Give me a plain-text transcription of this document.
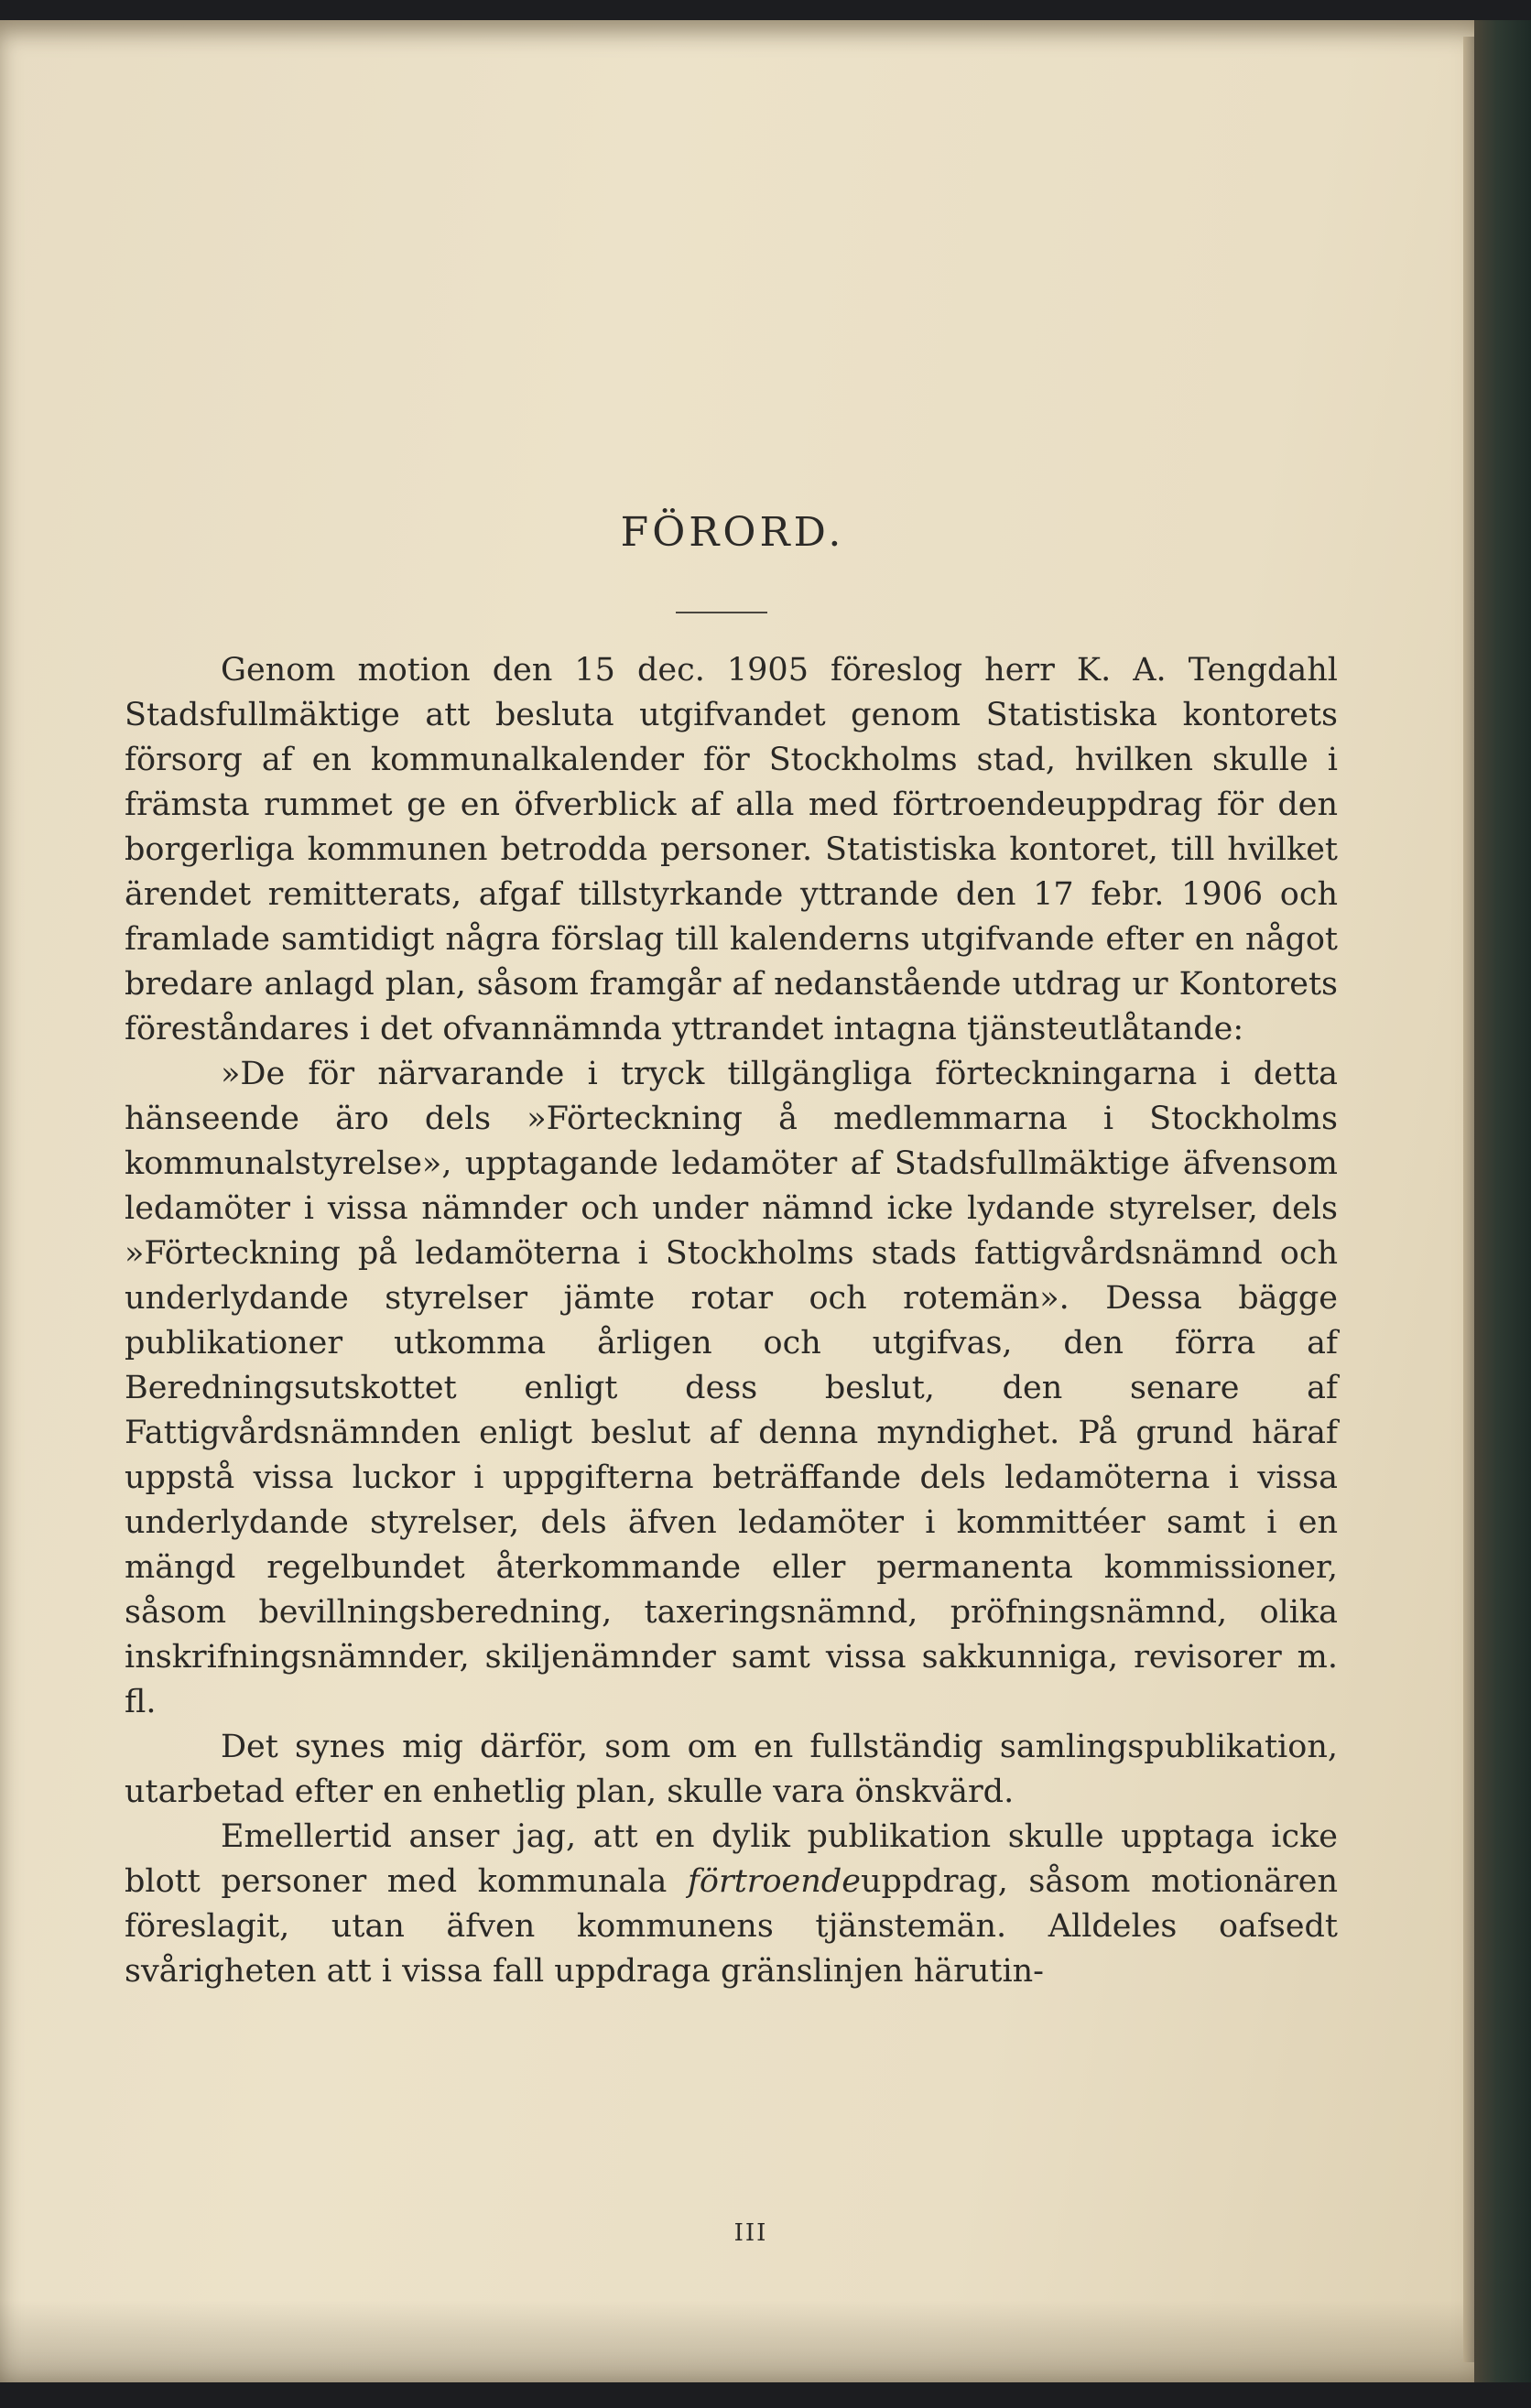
FÖRORD.

Genom motion den 15 dec. 1905 föreslog herr K. A. Tengdahl Stadsfullmäktige att besluta utgifvandet genom Statistiska kontorets försorg af en kommunalkalender för Stockholms stad, hvilken skulle i främsta rummet ge en öfverblick af alla med förtroendeuppdrag för den borgerliga kommunen betrodda personer. Statistiska kontoret, till hvilket ärendet remitterats, afgaf tillstyrkande yttrande den 17 febr. 1906 och framlade samtidigt några förslag till kalenderns utgifvande efter en något bredare anlagd plan, såsom framgår af nedanstående utdrag ur Kontorets föreståndares i det ofvannämnda yttrandet intagna tjänsteutlåtande:

»De för närvarande i tryck tillgängliga förteckningarna i detta hänseende äro dels »Förteckning å medlemmarna i Stockholms kommunalstyrelse», upptagande ledamöter af Stadsfullmäktige äfvensom ledamöter i vissa nämnder och under nämnd icke lydande styrelser, dels »Förteckning på ledamöterna i Stockholms stads fattigvårdsnämnd och underlydande styrelser jämte rotar och rotemän». Dessa bägge publikationer utkomma årligen och utgifvas, den förra af Beredningsutskottet enligt dess beslut, den senare af Fattigvårdsnämnden enligt beslut af denna myndighet. På grund häraf uppstå vissa luckor i uppgifterna beträffande dels ledamöterna i vissa underlydande styrelser, dels äfven ledamöter i kommittéer samt i en mängd regelbundet återkommande eller permanenta kommissioner, såsom bevillningsberedning, taxeringsnämnd, pröfningsnämnd, olika inskrifningsnämnder, skiljenämnder samt vissa sakkunniga, revisorer m. fl.

Det synes mig därför, som om en fullständig samlingspublikation, utarbetad efter en enhetlig plan, skulle vara önskvärd.

Emellertid anser jag, att en dylik publikation skulle upptaga icke blott personer med kommunala förtroendeuppdrag, såsom motionären föreslagit, utan äfven kommunens tjänstemän. Alldeles oafsedt svårigheten att i vissa fall uppdraga gränslinjen härutin-

III
